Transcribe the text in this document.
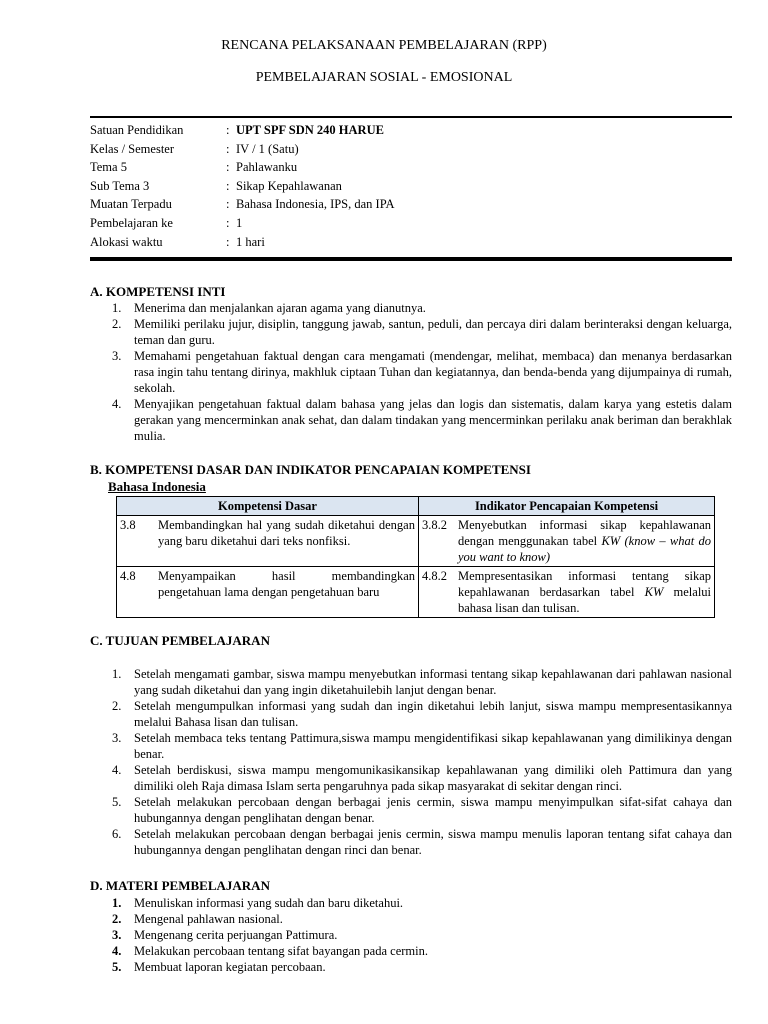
RENCANA PELAKSANAAN PEMBELAJARAN (RPP)
PEMBELAJARAN SOSIAL - EMOSIONAL
Satuan Pendidikan	: UPT SPF SDN 240 HARUE
Kelas / Semester	: IV / 1 (Satu)
Tema 5	: Pahlawanku
Sub Tema 3	: Sikap Kepahlawanan
Muatan Terpadu	: Bahasa Indonesia, IPS, dan IPA
Pembelajaran ke	: 1
Alokasi waktu	: 1 hari
A. KOMPETENSI INTI
1. Menerima dan menjalankan ajaran agama yang dianutnya.
2. Memiliki perilaku jujur, disiplin, tanggung jawab, santun, peduli, dan percaya diri dalam berinteraksi dengan keluarga, teman dan guru.
3. Memahami pengetahuan faktual dengan cara mengamati (mendengar, melihat, membaca) dan menanya berdasarkan rasa ingin tahu tentang dirinya, makhluk ciptaan Tuhan dan kegiatannya, dan benda-benda yang dijumpainya di rumah, sekolah.
4. Menyajikan pengetahuan faktual dalam bahasa yang jelas dan logis dan sistematis, dalam karya yang estetis dalam gerakan yang mencerminkan anak sehat, dan dalam tindakan yang mencerminkan perilaku anak beriman dan berakhlak mulia.
B. KOMPETENSI DASAR DAN INDIKATOR PENCAPAIAN KOMPETENSI
Bahasa Indonesia
Kompetensi Dasar	Indikator Pencapaian Kompetensi

3.8 Membandingkan hal yang sudah diketahui dengan yang baru diketahui dari teks nonfiksi.	3.8.2 Menyebutkan informasi sikap kepahlawanan dengan menggunakan tabel KW (know – what do you want to know)

4.8 Menyampaikan hasil membandingkan pengetahuan lama dengan pengetahuan baru	4.8.2 Mempresentasikan informasi tentang sikap kepahlawanan berdasarkan tabel KW melalui bahasa lisan dan tulisan.
C. TUJUAN PEMBELAJARAN
1. Setelah mengamati gambar, siswa mampu menyebutkan informasi tentang sikap kepahlawanan dari pahlawan nasional yang sudah diketahui dan yang ingin diketahuilebih lanjut dengan benar.
2. Setelah mengumpulkan informasi yang sudah dan ingin diketahui lebih lanjut, siswa mampu mempresentasikannya melalui Bahasa lisan dan tulisan.
3. Setelah membaca teks tentang Pattimura,siswa mampu mengidentifikasi sikap kepahlawanan yang dimilikinya dengan benar.
4. Setelah berdiskusi, siswa mampu mengomunikasikansikap kepahlawanan yang dimiliki oleh Pattimura dan yang dimiliki oleh Raja dimasa Islam serta pengaruhnya pada sikap masyarakat di sekitar dengan rinci.
5. Setelah melakukan percobaan dengan berbagai jenis cermin, siswa mampu menyimpulkan sifat-sifat cahaya dan hubungannya dengan penglihatan dengan benar.
6. Setelah melakukan percobaan dengan berbagai jenis cermin, siswa mampu menulis laporan tentang sifat cahaya dan hubungannya dengan penglihatan dengan rinci dan benar.
D. MATERI PEMBELAJARAN
1. Menuliskan informasi yang sudah dan baru diketahui.
2. Mengenal pahlawan nasional.
3. Mengenang cerita perjuangan Pattimura.
4. Melakukan percobaan tentang sifat bayangan pada cermin.
5. Membuat laporan kegiatan percobaan.
